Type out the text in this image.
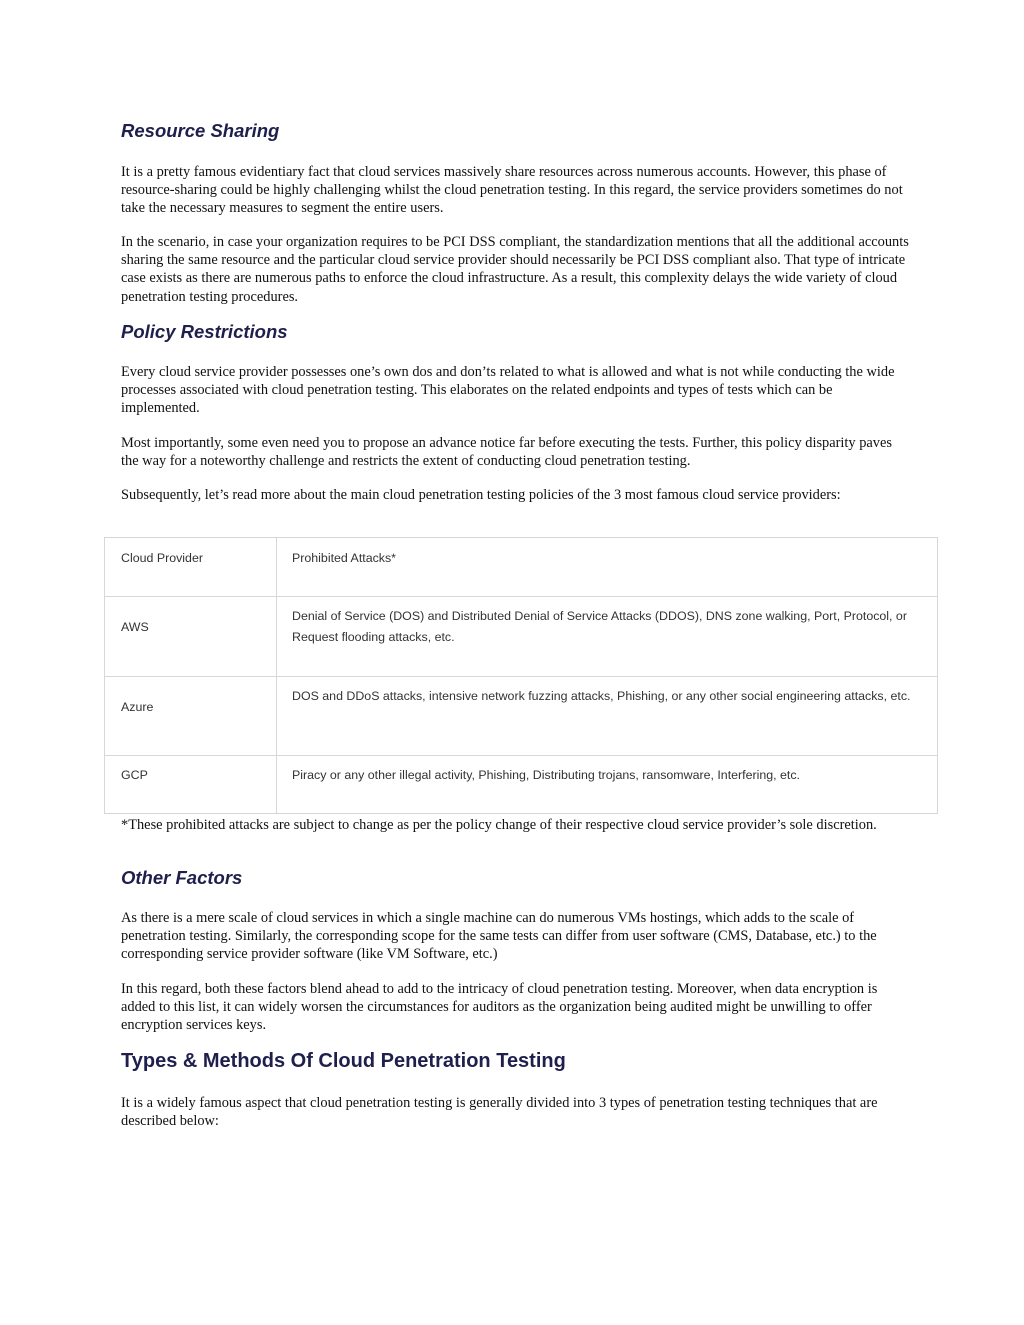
Resource Sharing

It is a pretty famous evidentiary fact that cloud services massively share resources across numerous accounts. However, this phase of resource-sharing could be highly challenging whilst the cloud penetration testing. In this regard, the service providers sometimes do not take the necessary measures to segment the entire users.

In the scenario, in case your organization requires to be PCI DSS compliant, the standardization mentions that all the additional accounts sharing the same resource and the particular cloud service provider should necessarily be PCI DSS compliant also. That type of intricate case exists as there are numerous paths to enforce the cloud infrastructure. As a result, this complexity delays the wide variety of cloud penetration testing procedures.

Policy Restrictions

Every cloud service provider possesses one’s own dos and don’ts related to what is allowed and what is not while conducting the wide processes associated with cloud penetration testing. This elaborates on the related endpoints and types of tests which can be implemented.

Most importantly, some even need you to propose an advance notice far before executing the tests. Further, this policy disparity paves the way for a noteworthy challenge and restricts the extent of conducting cloud penetration testing.

Subsequently, let’s read more about the main cloud penetration testing policies of the 3 most famous cloud service providers:

Cloud Provider	Prohibited Attacks*
AWS
Denial of Service (DOS) and Distributed Denial of Service Attacks (DDOS), DNS zone walking, Port, Protocol, or Request flooding attacks, etc.
Azure
DOS and DDoS attacks, intensive network fuzzing attacks, Phishing, or any other social engineering attacks, etc.
GCP	Piracy or any other illegal activity, Phishing, Distributing trojans, ransomware, Interfering, etc.

*These prohibited attacks are subject to change as per the policy change of their respective cloud service provider’s sole discretion.

Other Factors

As there is a mere scale of cloud services in which a single machine can do numerous VMs hostings, which adds to the scale of penetration testing. Similarly, the corresponding scope for the same tests can differ from user software (CMS, Database, etc.) to the corresponding service provider software (like VM Software, etc.)

In this regard, both these factors blend ahead to add to the intricacy of cloud penetration testing. Moreover, when data encryption is added to this list, it can widely worsen the circumstances for auditors as the organization being audited might be unwilling to offer encryption services keys.

Types & Methods Of Cloud Penetration Testing

It is a widely famous aspect that cloud penetration testing is generally divided into 3 types of penetration testing techniques that are described below:
